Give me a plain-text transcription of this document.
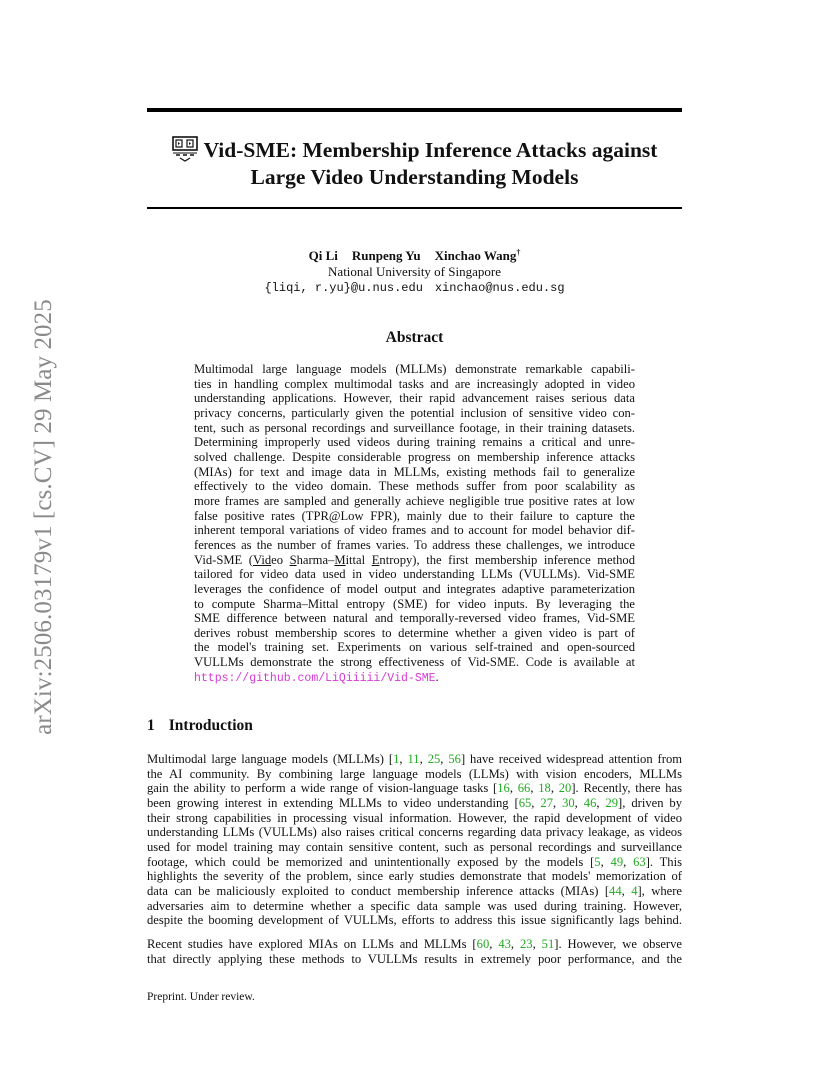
arXiv:2506.03179v1 [cs.CV] 29 May 2025
Vid-SME: Membership Inference Attacks against
Large Video Understanding Models
Qi Li Runpeng Yu Xinchao Wang†
National University of Singapore
{liqi, r.yu}@u.nus.edu xinchao@nus.edu.sg
Abstract
Multimodal large language models (MLLMs) demonstrate remarkable capabili-
ties in handling complex multimodal tasks and are increasingly adopted in video
understanding applications. However, their rapid advancement raises serious data
privacy concerns, particularly given the potential inclusion of sensitive video con-
tent, such as personal recordings and surveillance footage, in their training datasets.
Determining improperly used videos during training remains a critical and unre-
solved challenge. Despite considerable progress on membership inference attacks
(MIAs) for text and image data in MLLMs, existing methods fail to generalize
effectively to the video domain. These methods suffer from poor scalability as
more frames are sampled and generally achieve negligible true positive rates at low
false positive rates (TPR@Low FPR), mainly due to their failure to capture the
inherent temporal variations of video frames and to account for model behavior dif-
ferences as the number of frames varies. To address these challenges, we introduce
Vid-SME (Video Sharma–Mittal Entropy), the first membership inference method
tailored for video data used in video understanding LLMs (VULLMs). Vid-SME
leverages the confidence of model output and integrates adaptive parameterization
to compute Sharma–Mittal entropy (SME) for video inputs. By leveraging the
SME difference between natural and temporally-reversed video frames, Vid-SME
derives robust membership scores to determine whether a given video is part of
the model's training set. Experiments on various self-trained and open-sourced
VULLMs demonstrate the strong effectiveness of Vid-SME. Code is available at
https://github.com/LiQiiiii/Vid-SME.
1 Introduction
Multimodal large language models (MLLMs) [1, 11, 25, 56] have received widespread attention from
the AI community. By combining large language models (LLMs) with vision encoders, MLLMs
gain the ability to perform a wide range of vision-language tasks [16, 66, 18, 20]. Recently, there has
been growing interest in extending MLLMs to video understanding [65, 27, 30, 46, 29], driven by
their strong capabilities in processing visual information. However, the rapid development of video
understanding LLMs (VULLMs) also raises critical concerns regarding data privacy leakage, as videos
used for model training may contain sensitive content, such as personal recordings and surveillance
footage, which could be memorized and unintentionally exposed by the models [5, 49, 63]. This
highlights the severity of the problem, since early studies demonstrate that models' memorization of
data can be maliciously exploited to conduct membership inference attacks (MIAs) [44, 4], where
adversaries aim to determine whether a specific data sample was used during training. However,
despite the booming development of VULLMs, efforts to address this issue significantly lags behind.
Recent studies have explored MIAs on LLMs and MLLMs [60, 43, 23, 51]. However, we observe
that directly applying these methods to VULLMs results in extremely poor performance, and the
Preprint. Under review.
